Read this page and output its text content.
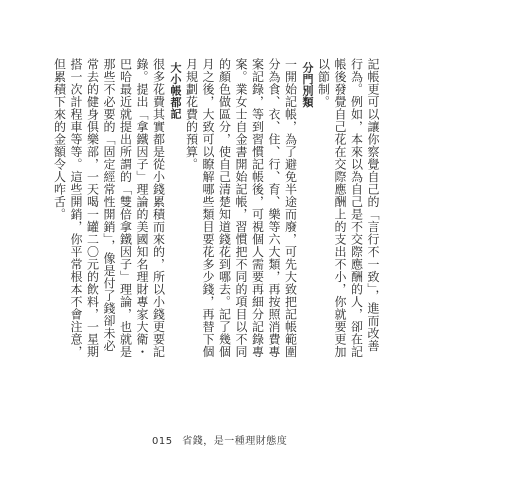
記帳更可以讓你察覺自己的「言行不一致」，進而改善行為。例如，本來以為自己是不交際應酬的人，卻在記帳後發覺自己花在交際應酬上的支出不小，你就要更加以節制。

分門別類

一開始記帳，為了避免半途而廢，可先大致把記帳範圍分為食、衣、住、行、育、樂等六大類，再按照消費專案記錄，等到習慣記帳後，可視個人需要再細分記錄專案。業女士自金書開始記帳，習慣把不同的項目以不同的顏色做區分，使自己清楚知道錢花到哪去。記了幾個月之後，大致可以瞭解哪些類目要花多少錢，再替下個月規劃花費的預算。

大小帳都記

很多花費其實都是從小錢累積而來的，所以小錢更要記錄。提出「拿鐵因子」理論的美國知名理財專家大衛・巴哈最近就提出所謂的「雙倍拿鐵因子」理論，也就是那些不必要的「固定經常性開銷」，像是付了錢卻未必常去的健身俱樂部，一天喝一罐二〇元的飲料，一星期搭一次計程車等等。這些開銷，你平常根本不會注意，但累積下來的金額令人咋舌。

015 省錢，是一種理財態度
